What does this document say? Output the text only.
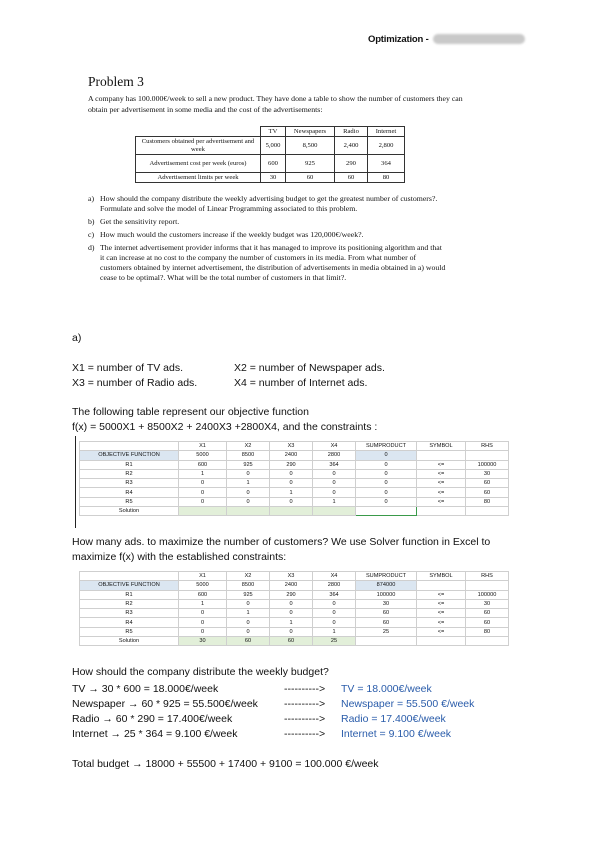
Optimization -
Problem 3
A company has 100.000€/week to sell a new product. They have done a table to show the number of customers they can obtain per advertisement in some media and the cost of the advertisements:
	TV	Newspapers	Radio	Internet
Customers obtained per advertisement and week	5,000	8,500	2,400	2,800
Advertisement cost per week (euros)	600	925	290	364
Advertisement limits per week	30	60	60	80
a) How should the company distribute the weekly advertising budget to get the greatest number of customers?. Formulate and solve the model of Linear Programming associated to this problem.
b) Get the sensitivity report.
c) How much would the customers increase if the weekly budget was 120,000€/week?.
d) The internet advertisement provider informs that it has managed to improve its positioning algorithm and that it can increase at no cost to the company the number of customers in its media. From what number of customers obtained by internet advertisement, the distribution of advertisements in media obtained in a) would cease to be optimal?. What will be the total number of customers in that limit?.
a)
X1 = number of TV ads.	X2 = number of Newspaper ads.
X3 = number of Radio ads.	X4 = number of Internet ads.
The following table represent our objective function
f(x) = 5000X1 + 8500X2 + 2400X3 +2800X4, and the constraints :
	X1	X2	X3	X4	SUMPRODUCT	SYMBOL	RHS
OBJECTIVE FUNCTION	5000	8500	2400	2800	0		
R1	600	925	290	364	0	<=	100000
R2	1	0	0	0	0	<=	30
R3	0	1	0	0	0	<=	60
R4	0	0	1	0	0	<=	60
R5	0	0	0	1	0	<=	80
Solution							
How many ads. to maximize the number of customers? We use Solver function in Excel to maximize f(x) with the established constraints:
	X1	X2	X3	X4	SUMPRODUCT	SYMBOL	RHS
OBJECTIVE FUNCTION	5000	8500	2400	2800	874000		
R1	600	925	290	364	100000	<=	100000
R2	1	0	0	0	30	<=	30
R3	0	1	0	0	60	<=	60
R4	0	0	1	0	60	<=	60
R5	0	0	0	1	25	<=	80
Solution	30	60	60	25			
How should the company distribute the weekly budget?
TV → 30 * 600 = 18.000€/week	----------> TV = 18.000€/week
Newspaper → 60 * 925 = 55.500€/week ----------> Newspaper = 55.500 €/week
Radio → 60 * 290 = 17.400€/week	----------> Radio = 17.400€/week
Internet → 25 * 364 = 9.100 €/week	----------> Internet = 9.100 €/week
Total budget → 18000 + 55500 + 17400 + 9100 = 100.000 €/week
